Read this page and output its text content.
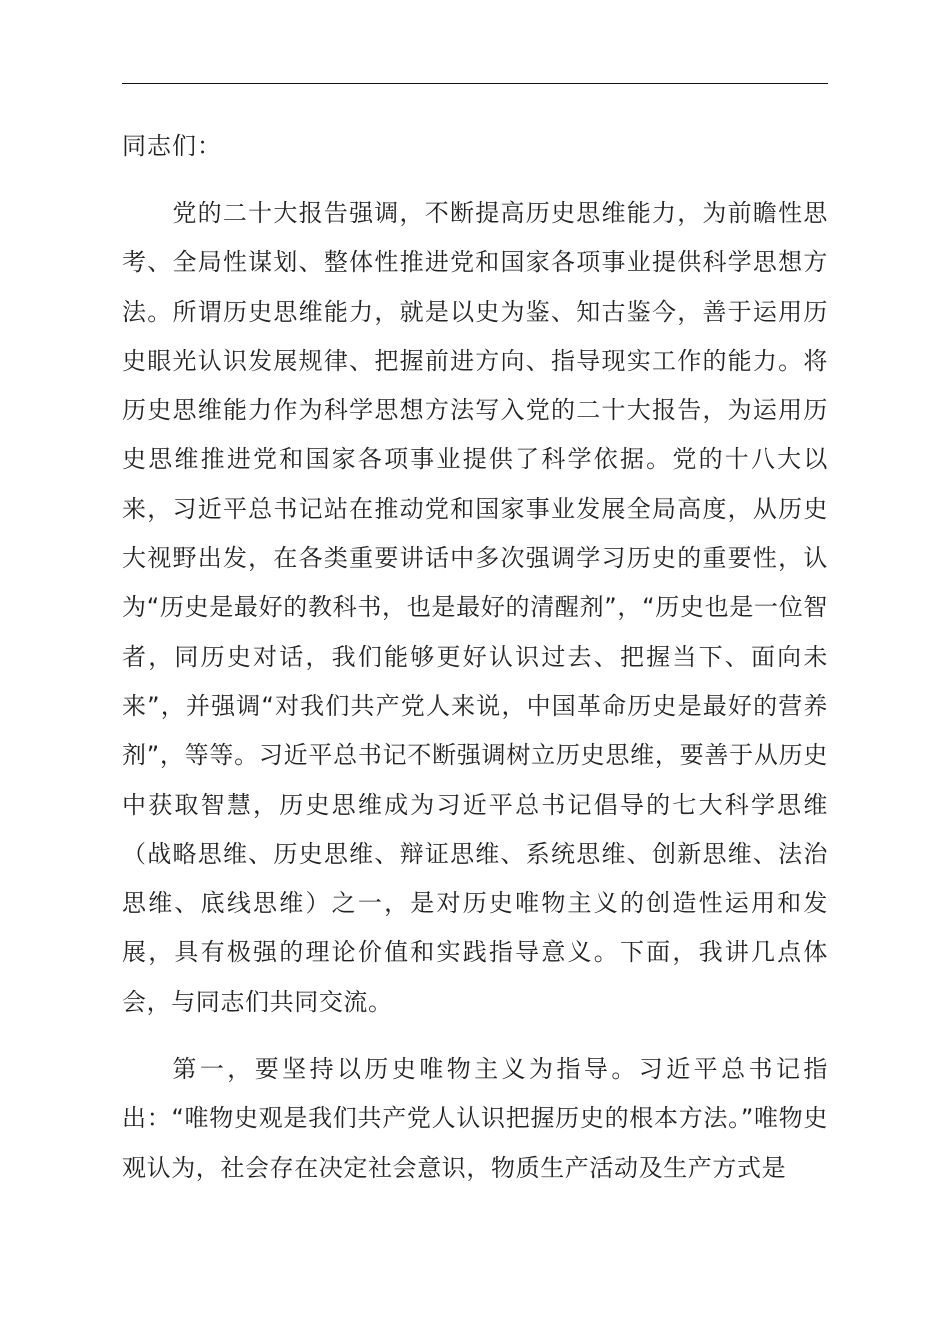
同志们：

党的二十大报告强调，不断提高历史思维能力，为前瞻性思考、全局性谋划、整体性推进党和国家各项事业提供科学思想方法。所谓历史思维能力，就是以史为鉴、知古鉴今，善于运用历史眼光认识发展规律、把握前进方向、指导现实工作的能力。将历史思维能力作为科学思想方法写入党的二十大报告，为运用历史思维推进党和国家各项事业提供了科学依据。党的十八大以来，习近平总书记站在推动党和国家事业发展全局高度，从历史大视野出发，在各类重要讲话中多次强调学习历史的重要性，认为“历史是最好的教科书，也是最好的清醒剂”，“历史也是一位智者，同历史对话，我们能够更好认识过去、把握当下、面向未来”，并强调“对我们共产党人来说，中国革命历史是最好的营养剂”，等等。习近平总书记不断强调树立历史思维，要善于从历史中获取智慧，历史思维成为习近平总书记倡导的七大科学思维（战略思维、历史思维、辩证思维、系统思维、创新思维、法治思维、底线思维）之一，是对历史唯物主义的创造性运用和发展，具有极强的理论价值和实践指导意义。下面，我讲几点体会，与同志们共同交流。

第一，要坚持以历史唯物主义为指导。习近平总书记指出：“唯物史观是我们共产党人认识把握历史的根本方法。”唯物史观认为，社会存在决定社会意识，物质生产活动及生产方式是
